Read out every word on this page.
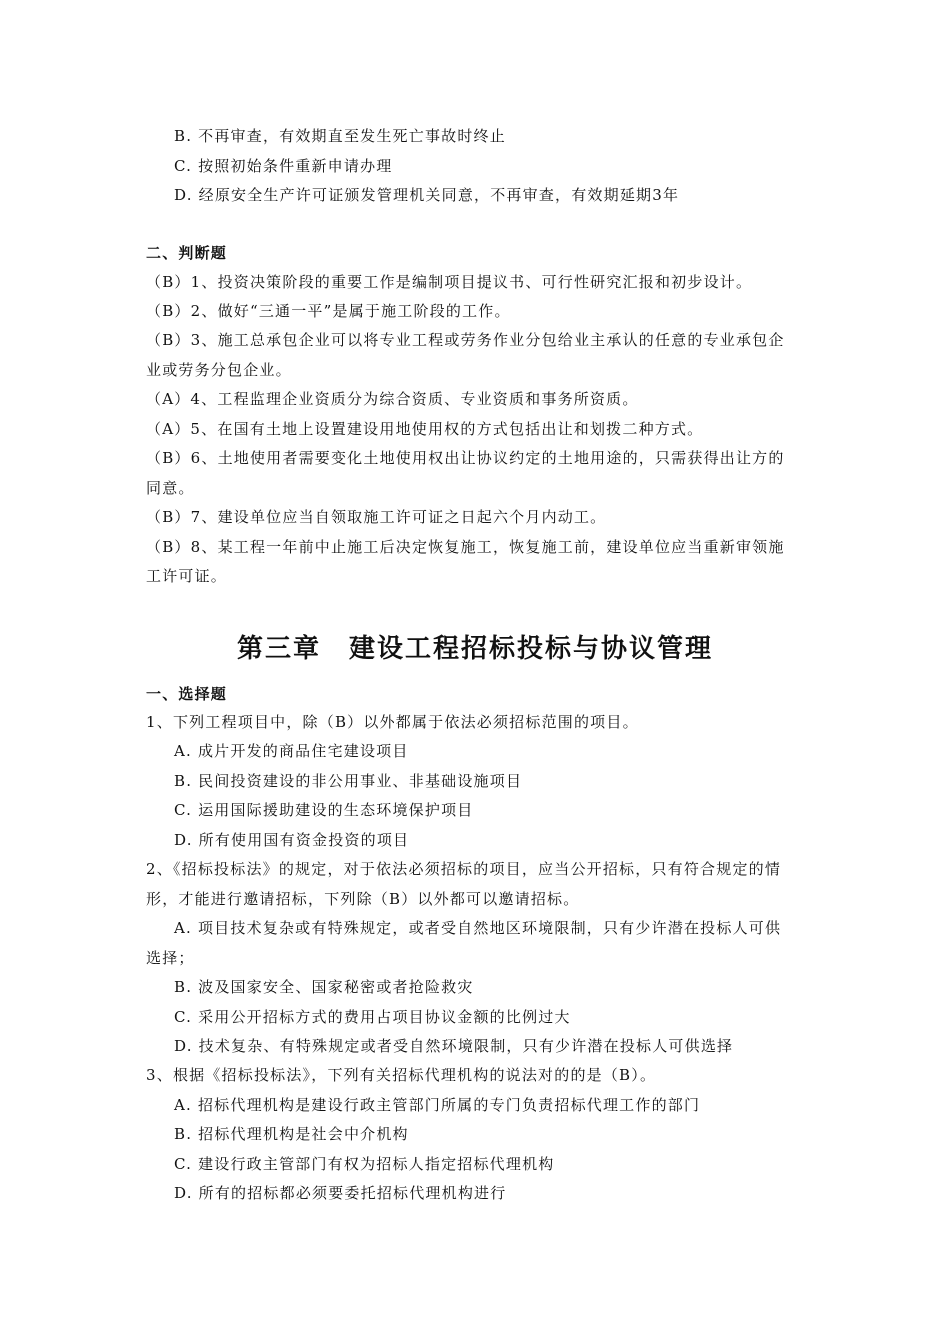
B. 不再审查，有效期直至发生死亡事故时终止
C. 按照初始条件重新申请办理
D. 经原安全生产许可证颁发管理机关同意，不再审查，有效期延期3年
二、判断题
（B）1、投资决策阶段的重要工作是编制项目提议书、可行性研究汇报和初步设计。
（B）2、做好“三通一平”是属于施工阶段的工作。
（B）3、施工总承包企业可以将专业工程或劳务作业分包给业主承认的任意的专业承包企
业或劳务分包企业。
（A）4、工程监理企业资质分为综合资质、专业资质和事务所资质。
（A）5、在国有土地上设置建设用地使用权的方式包括出让和划拨二种方式。
（B）6、土地使用者需要变化土地使用权出让协议约定的土地用途的，只需获得出让方的
同意。
（B）7、建设单位应当自领取施工许可证之日起六个月内动工。
（B）8、某工程一年前中止施工后决定恢复施工，恢复施工前，建设单位应当重新审领施
工许可证。
第三章　建设工程招标投标与协议管理
一、选择题
1、下列工程项目中，除（B）以外都属于依法必须招标范围的项目。
A. 成片开发的商品住宅建设项目
B. 民间投资建设的非公用事业、非基础设施项目
C. 运用国际援助建设的生态环境保护项目
D. 所有使用国有资金投资的项目
2、《招标投标法》的规定，对于依法必须招标的项目，应当公开招标，只有符合规定的情
形，才能进行邀请招标，下列除（B）以外都可以邀请招标。
A. 项目技术复杂或有特殊规定，或者受自然地区环境限制，只有少许潜在投标人可供
选择；
B. 波及国家安全、国家秘密或者抢险救灾
C. 采用公开招标方式的费用占项目协议金额的比例过大
D. 技术复杂、有特殊规定或者受自然环境限制，只有少许潜在投标人可供选择
3、根据《招标投标法》，下列有关招标代理机构的说法对的的是（B）。
A. 招标代理机构是建设行政主管部门所属的专门负责招标代理工作的部门
B. 招标代理机构是社会中介机构
C. 建设行政主管部门有权为招标人指定招标代理机构
D. 所有的招标都必须要委托招标代理机构进行
